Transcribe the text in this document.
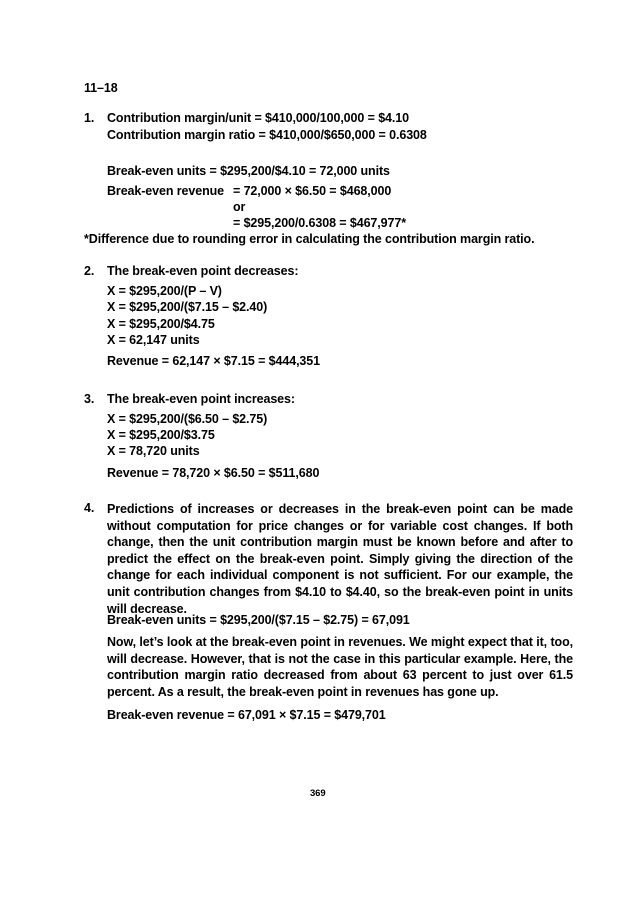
11–18
1. Contribution margin/unit = $410,000/100,000 = $4.10
Contribution margin ratio = $410,000/$650,000 = 0.6308
Break-even units = $295,200/$4.10 = 72,000 units
Break-even revenue = 72,000 × $6.50 = $468,000
or
= $295,200/0.6308 = $467,977*
*Difference due to rounding error in calculating the contribution margin ratio.
2. The break-even point decreases:
X = $295,200/(P – V)
X = $295,200/($7.15 – $2.40)
X = $295,200/$4.75
X = 62,147 units
Revenue = 62,147 × $7.15 = $444,351
3. The break-even point increases:
X = $295,200/($6.50 – $2.75)
X = $295,200/$3.75
X = 78,720 units
Revenue = 78,720 × $6.50 = $511,680
4. Predictions of increases or decreases in the break-even point can be made without computation for price changes or for variable cost changes. If both change, then the unit contribution margin must be known before and after to predict the effect on the break-even point. Simply giving the direction of the change for each individual component is not sufficient. For our example, the unit contribution changes from $4.10 to $4.40, so the break-even point in units will decrease.
Break-even units = $295,200/($7.15 – $2.75) = 67,091
Now, let’s look at the break-even point in revenues. We might expect that it, too, will decrease. However, that is not the case in this particular example. Here, the contribution margin ratio decreased from about 63 percent to just over 61.5 percent. As a result, the break-even point in revenues has gone up.
Break-even revenue = 67,091 × $7.15 = $479,701
369
